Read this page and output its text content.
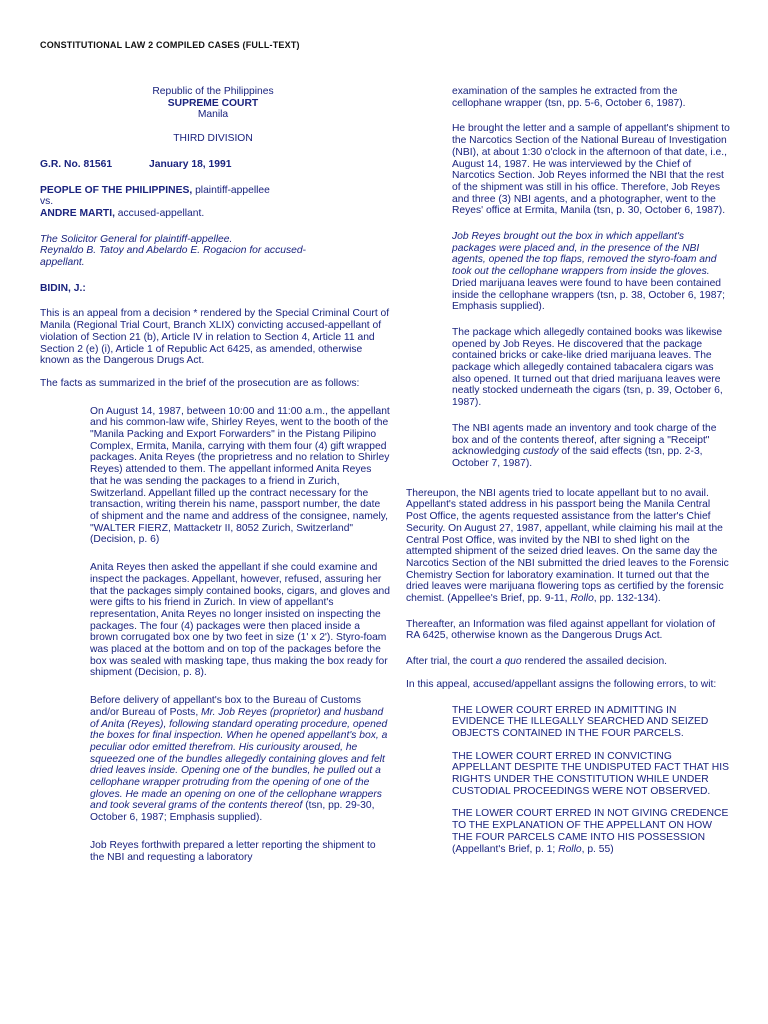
CONSTITUTIONAL LAW 2 COMPILED CASES (FULL-TEXT)
Republic of the Philippines
SUPREME COURT
Manila
THIRD DIVISION
G.R. No. 81561	January 18, 1991
PEOPLE OF THE PHILIPPINES, plaintiff-appellee
vs.
ANDRE MARTI, accused-appellant.
The Solicitor General for plaintiff-appellee.
Reynaldo B. Tatoy and Abelardo E. Rogacion for accused-appellant.

BIDIN, J.:

This is an appeal from a decision * rendered by the Special Criminal Court of Manila (Regional Trial Court, Branch XLIX) convicting accused-appellant of violation of Section 21 (b), Article IV in relation to Section 4, Article 11 and Section 2 (e) (i), Article 1 of Republic Act 6425, as amended, otherwise known as the Dangerous Drugs Act.

The facts as summarized in the brief of the prosecution are as follows:

On August 14, 1987, between 10:00 and 11:00 a.m., the appellant and his common-law wife, Shirley Reyes, went to the booth of the "Manila Packing and Export Forwarders" in the Pistang Pilipino Complex, Ermita, Manila, carrying with them four (4) gift wrapped packages. Anita Reyes (the proprietress and no relation to Shirley Reyes) attended to them. The appellant informed Anita Reyes that he was sending the packages to a friend in Zurich, Switzerland. Appellant filled up the contract necessary for the transaction, writing therein his name, passport number, the date of shipment and the name and address of the consignee, namely, "WALTER FIERZ, Mattacketr II, 8052 Zurich, Switzerland" (Decision, p. 6)

Anita Reyes then asked the appellant if she could examine and inspect the packages. Appellant, however, refused, assuring her that the packages simply contained books, cigars, and gloves and were gifts to his friend in Zurich. In view of appellant's representation, Anita Reyes no longer insisted on inspecting the packages. The four (4) packages were then placed inside a brown corrugated box one by two feet in size (1' x 2'). Styro-foam was placed at the bottom and on top of the packages before the box was sealed with masking tape, thus making the box ready for shipment (Decision, p. 8).

Before delivery of appellant's box to the Bureau of Customs and/or Bureau of Posts, Mr. Job Reyes (proprietor) and husband of Anita (Reyes), following standard operating procedure, opened the boxes for final inspection. When he opened appellant's box, a peculiar odor emitted therefrom. His curiousity aroused, he squeezed one of the bundles allegedly containing gloves and felt dried leaves inside. Opening one of the bundles, he pulled out a cellophane wrapper protruding from the opening of one of the gloves. He made an opening on one of the cellophane wrappers and took several grams of the contents thereof (tsn, pp. 29-30, October 6, 1987; Emphasis supplied).

Job Reyes forthwith prepared a letter reporting the shipment to the NBI and requesting a laboratory

examination of the samples he extracted from the cellophane wrapper (tsn, pp. 5-6, October 6, 1987).

He brought the letter and a sample of appellant's shipment to the Narcotics Section of the National Bureau of Investigation (NBI), at about 1:30 o'clock in the afternoon of that date, i.e., August 14, 1987. He was interviewed by the Chief of Narcotics Section. Job Reyes informed the NBI that the rest of the shipment was still in his office. Therefore, Job Reyes and three (3) NBI agents, and a photographer, went to the Reyes' office at Ermita, Manila (tsn, p. 30, October 6, 1987).

Job Reyes brought out the box in which appellant's packages were placed and, in the presence of the NBI agents, opened the top flaps, removed the styro-foam and took out the cellophane wrappers from inside the gloves. Dried marijuana leaves were found to have been contained inside the cellophane wrappers (tsn, p. 38, October 6, 1987; Emphasis supplied).

The package which allegedly contained books was likewise opened by Job Reyes. He discovered that the package contained bricks or cake-like dried marijuana leaves. The package which allegedly contained tabacalera cigars was also opened. It turned out that dried marijuana leaves were neatly stocked underneath the cigars (tsn, p. 39, October 6, 1987).

The NBI agents made an inventory and took charge of the box and of the contents thereof, after signing a "Receipt" acknowledging custody of the said effects (tsn, pp. 2-3, October 7, 1987).

Thereupon, the NBI agents tried to locate appellant but to no avail. Appellant's stated address in his passport being the Manila Central Post Office, the agents requested assistance from the latter's Chief Security. On August 27, 1987, appellant, while claiming his mail at the Central Post Office, was invited by the NBI to shed light on the attempted shipment of the seized dried leaves. On the same day the Narcotics Section of the NBI submitted the dried leaves to the Forensic Chemistry Section for laboratory examination. It turned out that the dried leaves were marijuana flowering tops as certified by the forensic chemist. (Appellee's Brief, pp. 9-11, Rollo, pp. 132-134).

Thereafter, an Information was filed against appellant for violation of RA 6425, otherwise known as the Dangerous Drugs Act.

After trial, the court a quo rendered the assailed decision.

In this appeal, accused/appellant assigns the following errors, to wit:

THE LOWER COURT ERRED IN ADMITTING IN EVIDENCE THE ILLEGALLY SEARCHED AND SEIZED OBJECTS CONTAINED IN THE FOUR PARCELS.

THE LOWER COURT ERRED IN CONVICTING APPELLANT DESPITE THE UNDISPUTED FACT THAT HIS RIGHTS UNDER THE CONSTITUTION WHILE UNDER CUSTODIAL PROCEEDINGS WERE NOT OBSERVED.

THE LOWER COURT ERRED IN NOT GIVING CREDENCE TO THE EXPLANATION OF THE APPELLANT ON HOW THE FOUR PARCELS CAME INTO HIS POSSESSION (Appellant's Brief, p. 1; Rollo, p. 55)
